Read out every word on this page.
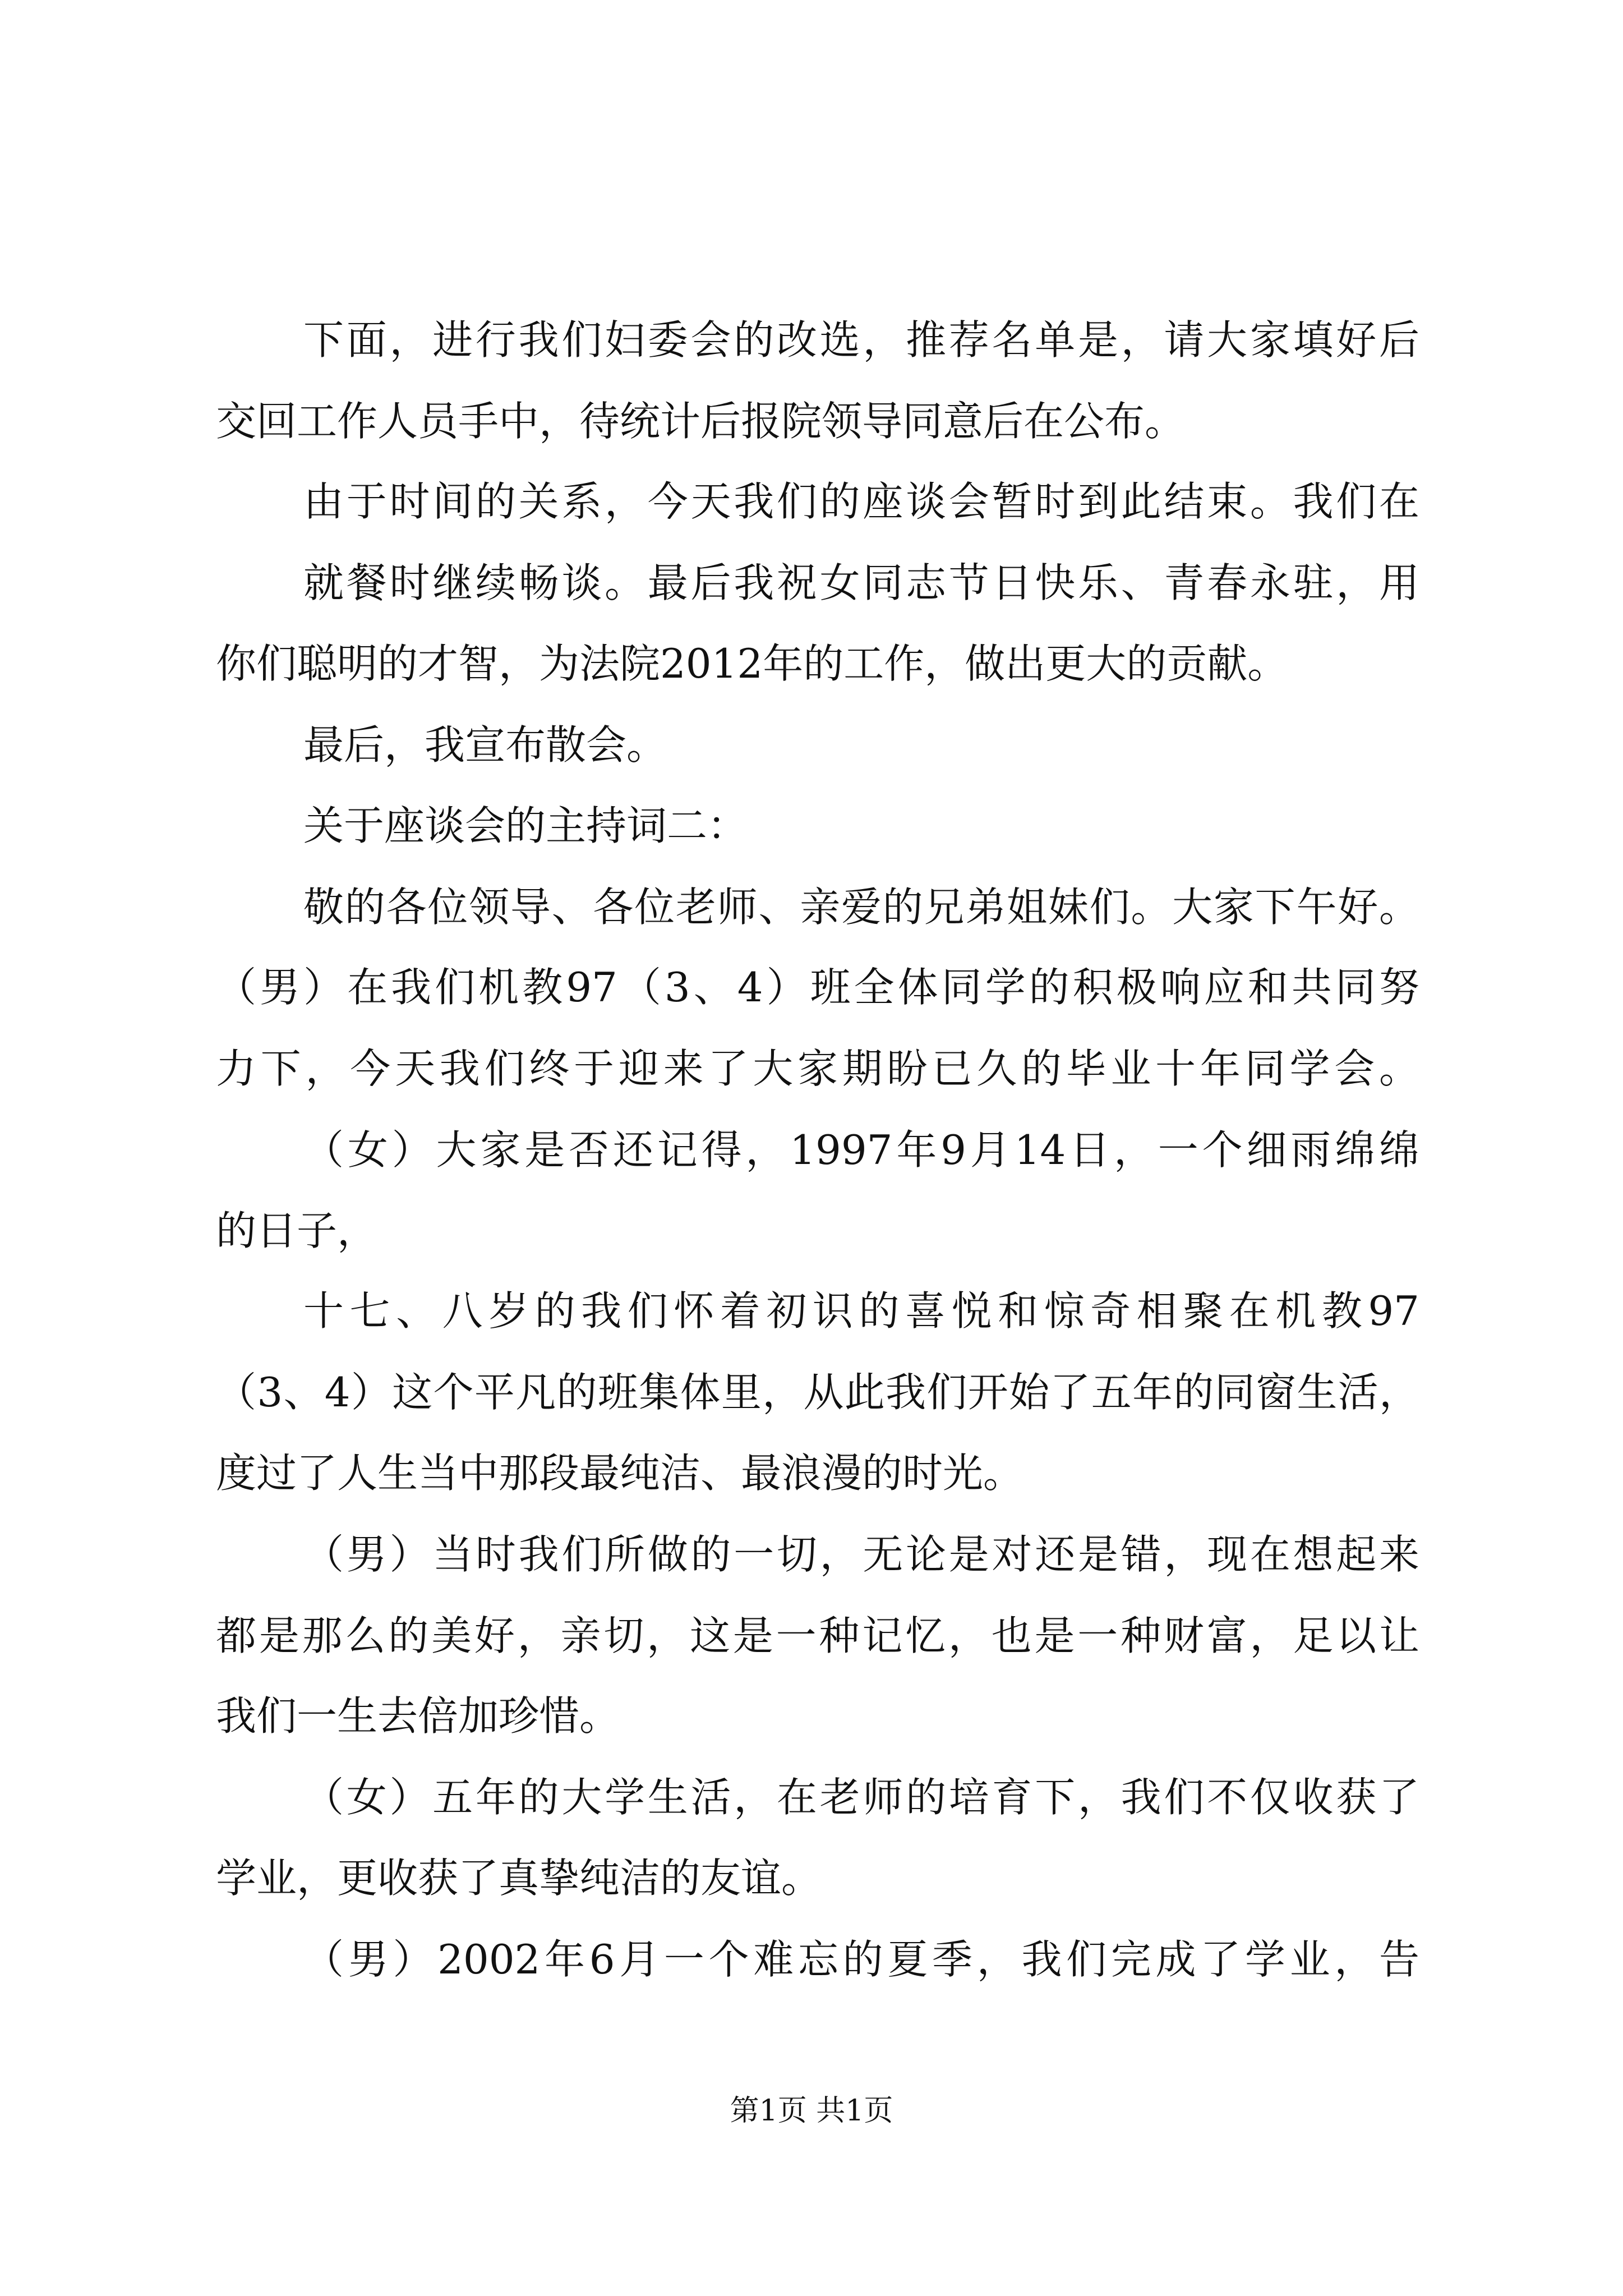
下面，进行我们妇委会的改选，推荐名单是，请大家填好后
交回工作人员手中，待统计后报院领导同意后在公布。
由于时间的关系，今天我们的座谈会暂时到此结束。我们在
就餐时继续畅谈。最后我祝女同志节日快乐、青春永驻，用
你们聪明的才智，为法院2012年的工作，做出更大的贡献。
最后，我宣布散会。
关于座谈会的主持词二：
敬的各位领导、各位老师、亲爱的兄弟姐妹们。大家下午好。
（男）在我们机教97（3、4）班全体同学的积极响应和共同努
力下，今天我们终于迎来了大家期盼已久的毕业十年同学会。
（女）大家是否还记得，1997年9月14日，一个细雨绵绵
的日子，
十七、八岁的我们怀着初识的喜悦和惊奇相聚在机教97
（3、4）这个平凡的班集体里，从此我们开始了五年的同窗生活，
度过了人生当中那段最纯洁、最浪漫的时光。
（男）当时我们所做的一切，无论是对还是错，现在想起来
都是那么的美好，亲切，这是一种记忆，也是一种财富，足以让
我们一生去倍加珍惜。
（女）五年的大学生活，在老师的培育下，我们不仅收获了
学业，更收获了真挚纯洁的友谊。
（男）2002年6月一个难忘的夏季，我们完成了学业，告
第1页 共1页
